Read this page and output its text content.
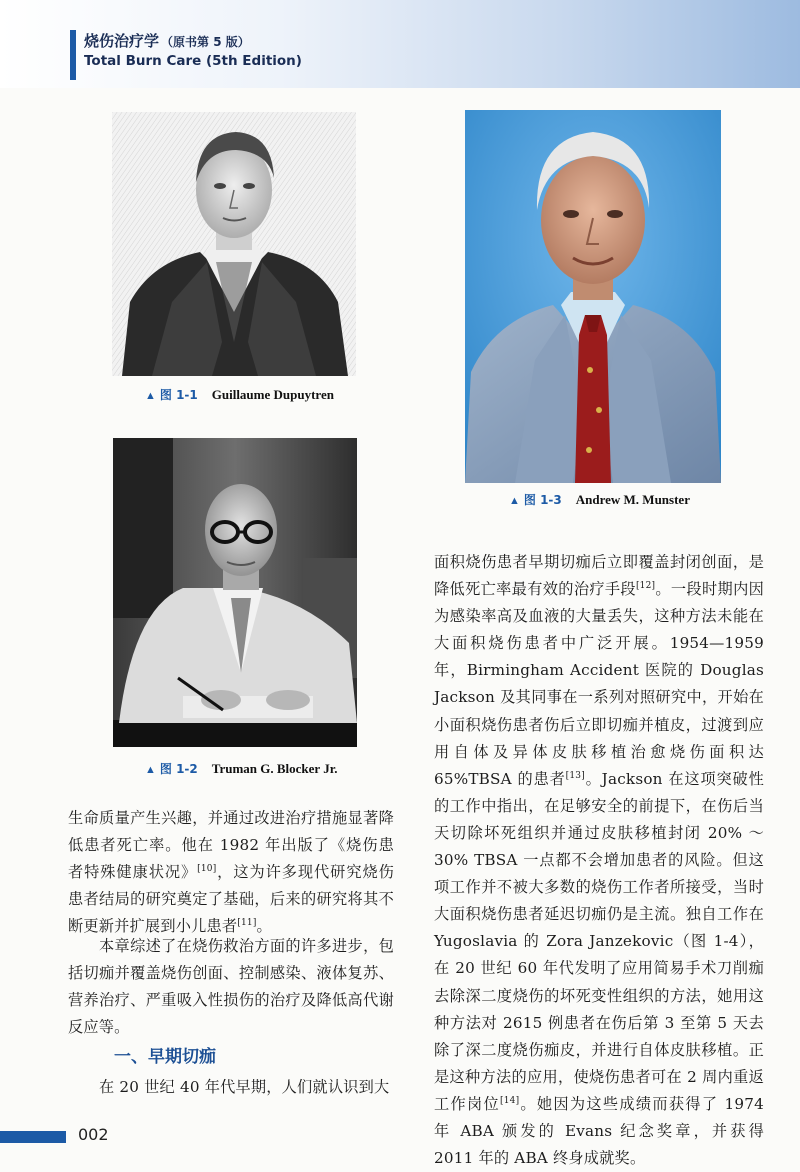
烧伤治疗学 （原书第 5 版）
Total Burn Care (5th Edition)
▲ 图 1-1 Guillaume Dupuytren
▲ 图 1-2 Truman G. Blocker Jr.
▲ 图 1-3 Andrew M. Munster
生命质量产生兴趣，并通过改进治疗措施显著降低患者死亡率。他在 1982 年出版了《烧伤患者特殊健康状况》[10]，这为许多现代研究烧伤患者结局的研究奠定了基础，后来的研究将其不断更新并扩展到小儿患者[11]。
本章综述了在烧伤救治方面的许多进步，包括切痂并覆盖烧伤创面、控制感染、液体复苏、营养治疗、严重吸入性损伤的治疗及降低高代谢反应等。
一、早期切痂
在 20 世纪 40 年代早期，人们就认识到大
面积烧伤患者早期切痂后立即覆盖封闭创面，是降低死亡率最有效的治疗手段[12]。一段时期内因为感染率高及血液的大量丢失，这种方法未能在大面积烧伤患者中广泛开展。1954—1959 年，Birmingham Accident 医院的 Douglas Jackson 及其同事在一系列对照研究中，开始在小面积烧伤患者伤后立即切痂并植皮，过渡到应用自体及异体皮肤移植治愈烧伤面积达 65%TBSA 的患者[13]。Jackson 在这项突破性的工作中指出，在足够安全的前提下，在伤后当天切除坏死组织并通过皮肤移植封闭 20% ～ 30% TBSA 一点都不会增加患者的风险。但这项工作并不被大多数的烧伤工作者所接受，当时大面积烧伤患者延迟切痂仍是主流。独自工作在 Yugoslavia 的 Zora Janzekovic（图 1-4），在 20 世纪 60 年代发明了应用简易手术刀削痂去除深二度烧伤的坏死变性组织的方法，她用这种方法对 2615 例患者在伤后第 3 至第 5 天去除了深二度烧伤痂皮，并进行自体皮肤移植。正是这种方法的应用，使烧伤患者可在 2 周内重返工作岗位[14]。她因为这些成绩而获得了 1974 年 ABA 颁发的 Evans 纪念奖章，并获得 2011 年的 ABA 终身成就奖。
002
